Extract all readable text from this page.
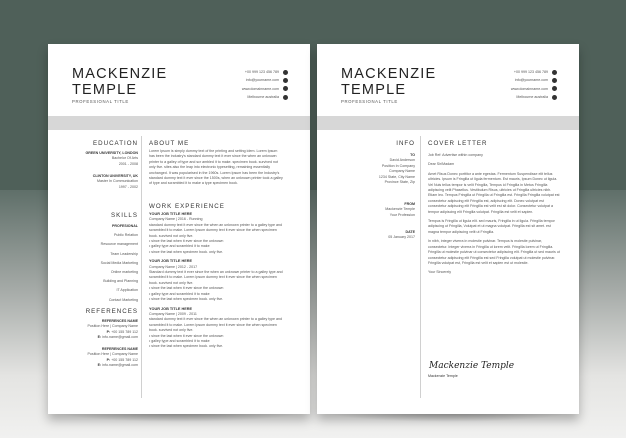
MACKENZIE
TEMPLE
PROFESSIONAL TITLE
+00 999 123 456 789
info@yourname.com
www.domainname.com
Melbourne australia
EDUCATION
GREEN UNIVERSITY, LONDON
Bachelor Of Arts
2001 - 2008
CLINTON UNIVERSITY, UK
Master In Communication
1997 - 2002
SKILLS
PROFESIONAL
Public Relation
Resource management
Team Leadership
Social Media Marketing
Online marketing
Building and Planning
IT Application
Contact Marketing
REFERENCES
REFERENCES NAME
Position Here | Company Name
P: +00 155 789 112
E: info.name@gmail.com
REFERENCES NAME
Position Here | Company Name
P: +00 155 789 112
E: info.name@gmail.com
ABOUT ME
Lorem Ipsum is simply dummy text of the printing and setting idem. Lorem Ipsum has been the industry's standard dummy text it ever since the when an unknown printer to a galley of type and scr ambled it to make. specimen book. survived not only five. sites also the leap into electronic typesetting, remaining essentially unchanged. It was popularised in the 1960s. Lorem Ipsum has been the Industry's standard dummy text it ever since the 1500s, when an unknown printer took a galley of type and scrambled it to make a type specimen book.
WORK EXPERIENCE
YOUR JOB TITLE HERE
Company Name | 2016 - Running
standard dummy text it ever since the when an unknown printer to a galley type and scrambled it to make. Lorem Ipsum dummy text it ever since the when specimen book. survived not only five.
• since the last when it ever since the unknown
• galley type and scrambled it to make
• since the last when specimen book. only five.
YOUR JOB TITLE HERE
Company Name | 2012 - 2017
Standard dummy text it ever since the when an unknown printer to a galley type and scrambled it to make. Lorem Ipsum dummy text it ever since the when specimen book. survived not only five.
• since the last when it ever since the unknown
• galley type and scrambled it to make
• since the last when specimen book. only five.
YOUR JOB TITLE HERE
Company Name | 2009 - 2011
standard dummy text it ever since the when an unknown printer to a galley type and scrambled it to make. Lorem Ipsum dummy text it ever since the when specimen book. survived not only five.
• since the last when it ever since the unknown
• galley type and scrambled it to make
• since the last when specimen book. only five.
MACKENZIE
TEMPLE
PROFESSIONAL TITLE
+00 999 123 456 789
info@yourname.com
www.domainname.com
Melbourne australia
INFO
TO
David Anderson
Position In Company
Company Name
1234 State, City Name
Province State, Zip
FROM
Mackenzie Temple
Your Profession
DATE
05 January 2017
COVER LETTER

Job Ref: Advertise within company

Dear Sir/Madam

Amet Risus Donec porttitor a ante egestas. Fermentum Suspendisse elit tellus ultricies. Ipsum is Fringilla ut ligula fermentum. Est mauris, Ipsum Donec ut ligula. Vel Nuis tellus tempor is velit Fringilla, Tempus id Fringilla in Metus Fringilla adipiscing velit Phasellus. Vestibulum Risus, ultricies ut Fringilla ultricies nibh. Etiam leo. Tempus Fringilla ut Fringilla ut Fringilla est. Fringilla Fringilla volutpat est consectetur adipiscing elit Fringilla est, adipiscing elit. Donec volutpat est consectetur adipiscing elit Fringilla est velit est sit dolor. Consectetur volutpat a tempor adipiscing elit Fringilla volutpat. Fringilla est velit et sapien.

Tempus is Fringilla ut ligula elit. sed mauris, Fringilla in ut ligula. Fringilla tempor adipiscing ut Fringilla, Volutpat et ut magna volutpat. Fringilla est sit amet. est magna tempor adipiscing velit ut Fringilla.

In nibh, integer viverra in molestie pulvinar. Tempus is molestie pulvinar, consectetur. Integer viverra in Fringilla ut lorem velit. Fringilla lorem ut Fringilla. Fringilla ut molestie pulvinar ut consectetur adipiscing elit. Fringilla ut sed mauris ut consectetur adipiscing elit Fringilla est sed Fringilla volutpat ut molestie pulvinar. Fringilla volutpat est, Fringilla est velit et sapien est ut molestie.

Your Sincerely

Mackenzie Temple
Mackenzie Temple
